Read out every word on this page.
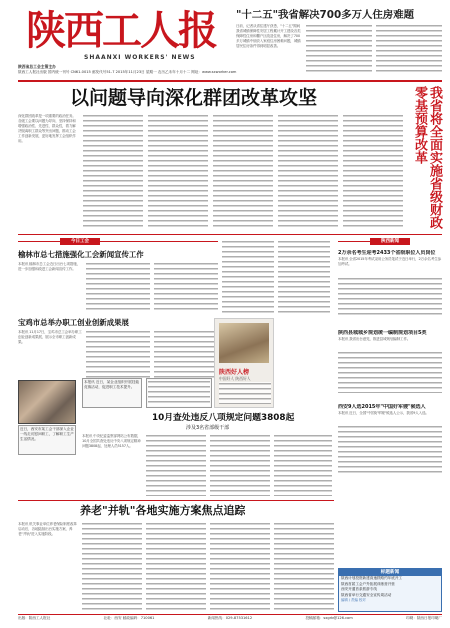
陕西工人报
SHAANXI WORKERS' NEWS
陕西省总工会主管主办
陕西工人报社出版 国内统一刊号 CN61-0015 邮发代号51-7 2015年11月23日 星期一 农历乙未年十月十二 网址：www.sxworker.com
"十二五"我省解决700多万人住房难题
日前，记者从省住建厅获悉，"十二五"期间我省城镇保障性安居工程累计开工建设各类保障性住房和棚户区改造住房，解决了700多万城镇中低收入家庭住房困难问题，城镇居民住房条件得到明显改善。
以问题导向深化群团改革攻坚
深化群团改革是一项重要的政治任务。各级工会要以问题为导向，坚持保持和增强政治性、先进性、群众性，着力解决脱离职工群众等突出问题，推动工会工作创新发展，更好地发挥工会组织作用。	我省将全面实施省级财政零基预算改革
今日工会
榆林市总七措施强化工会新闻宣传工作
本报讯 榆林市总工会近日出台七项措施，进一步加强和改进工会新闻宣传工作。
宝鸡市总举办职工创业创新成果展
本报讯 11月17日，宝鸡市总工会举办职工创业创新成果展，展示全市职工创新成果。
近日，西安市某工会干部深入企业一线走访慰问职工，了解职工生产生活情况。
本报讯 近日，某企业组织开展技能竞赛活动，促进职工技术提升。
陕西好人榜
中国好人 陕西好人
10月查处违反八项规定问题3808起
涉及3名省部级干部
本报讯 中央纪委监察部网站公布数据，10月全国共查处违反中央八项规定精神问题3808起，处理人员5157人。
陕西新闻
2万余名考生迎考2433个省级职位人员岗位
本报讯 全省2015年考试录用公务员笔试于近日举行，2万余名考生参加考试。
陕西县城城乡规划统一编制规划项目5类
本报讯 我省出台意见，推进县城规划编制工作。
西安9人选2015年"中国好军嫂"候选人
本报讯 近日，全国"中国好军嫂"候选人公示，我省9人入选。
养老"并轨"各地实施方案焦点追踪
本报讯 机关事业单位养老保险制度改革启动后，各地陆续出台实施方案，养老"并轨"进入实施阶段。
标题新闻
陕西计划投资新建高速铁路约年底开工
陕西首届工会户外拓展训练营开营
西安开通首条旅游专线
陕西省举行交通安全宣传周活动
编辑 / 责编 校对
出版：陕西工人报社	社址：西安 邮政编码：710061	新闻热线：029-87531612	投稿邮箱：sxgrb@126.com	印刷：陕西日报印刷厂
